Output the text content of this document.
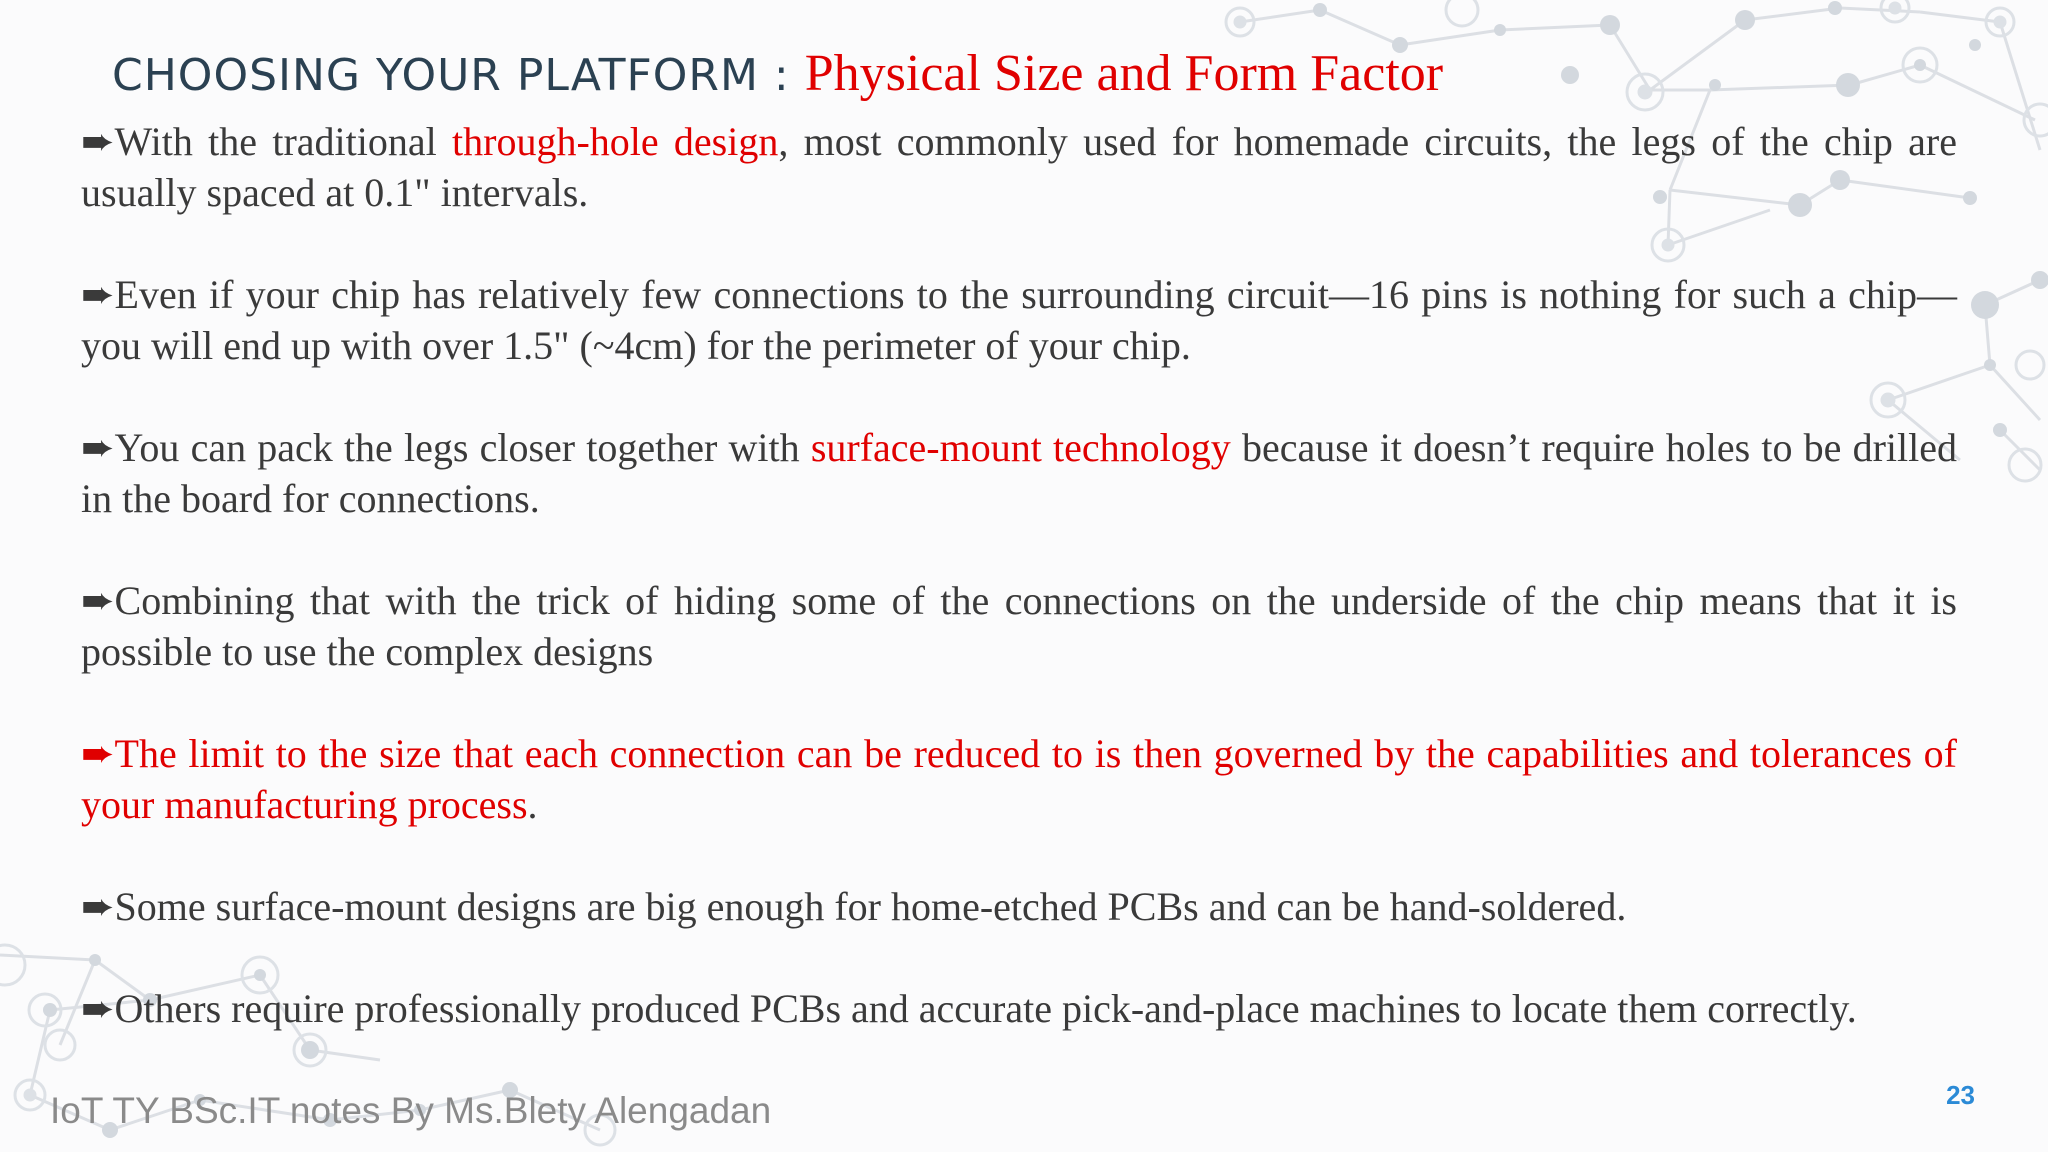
CHOOSING YOUR PLATFORM : Physical Size and Form Factor

➨With the traditional through-hole design, most commonly used for homemade circuits, the legs of the chip are usually spaced at 0.1" intervals.

➨Even if your chip has relatively few connections to the surrounding circuit—16 pins is nothing for such a chip—you will end up with over 1.5" (~4cm) for the perimeter of your chip.

➨You can pack the legs closer together with surface-mount technology because it doesn’t require holes to be drilled in the board for connections.

➨Combining that with the trick of hiding some of the connections on the underside of the chip means that it is possible to use the complex designs

➨The limit to the size that each connection can be reduced to is then governed by the capabilities and tolerances of your manufacturing process.

➨Some surface-mount designs are big enough for home-etched PCBs and can be hand-soldered.

➨Others require professionally produced PCBs and accurate pick-and-place machines to locate them correctly.

IoT TY BSc.IT notes By Ms.Blety Alengadan	23
